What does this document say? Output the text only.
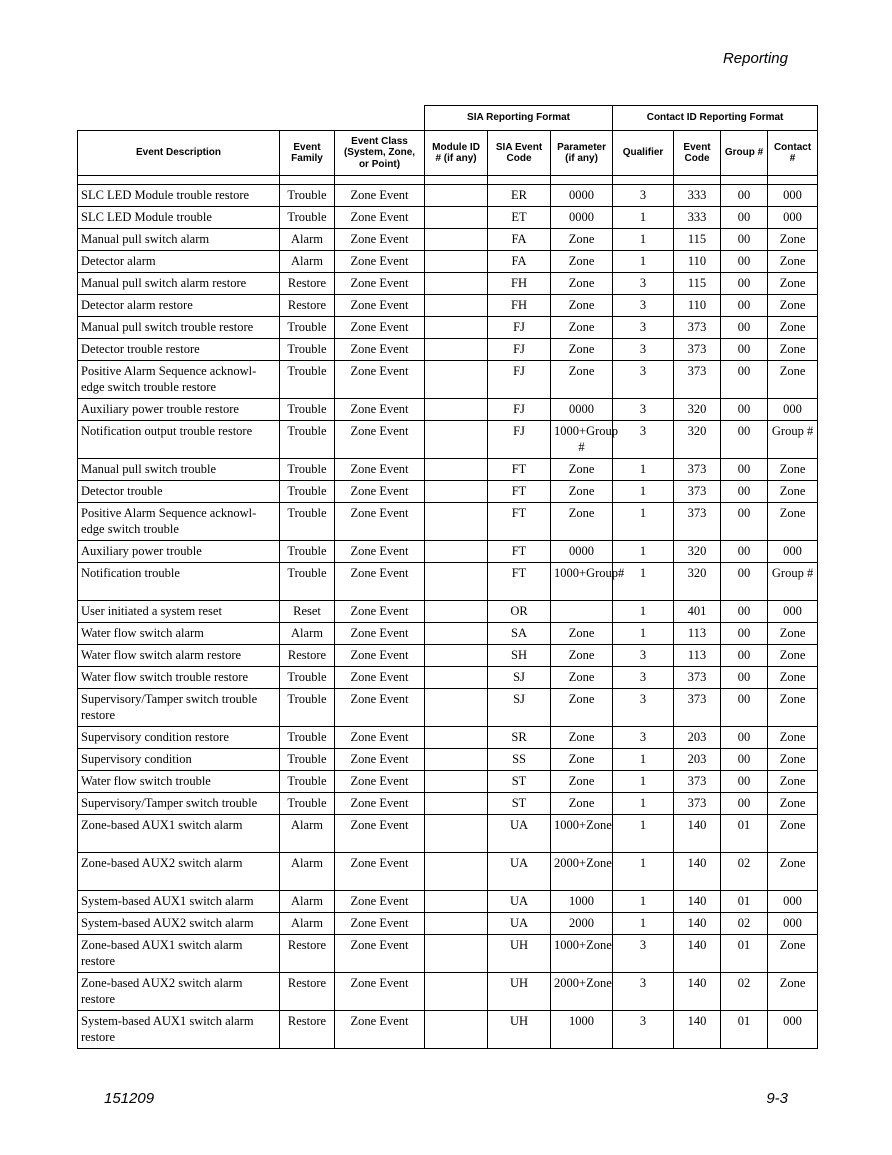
Reporting
			SIA Reporting Format			Contact ID Reporting Format			
Event Description	Event Family	Event Class (System, Zone, or Point)	Module ID # (if any)	SIA Event Code	Parameter (if any)	Qualifier	Event Code	Group #	Contact #

SLC LED Module trouble restore	Trouble	Zone Event		ER	0000	3	333	00	000
SLC LED Module trouble	Trouble	Zone Event		ET	0000	1	333	00	000
Manual pull switch alarm	Alarm	Zone Event		FA	Zone	1	115	00	Zone
Detector alarm	Alarm	Zone Event		FA	Zone	1	110	00	Zone
Manual pull switch alarm restore	Restore	Zone Event		FH	Zone	3	115	00	Zone
Detector alarm restore	Restore	Zone Event		FH	Zone	3	110	00	Zone
Manual pull switch trouble restore	Trouble	Zone Event		FJ	Zone	3	373	00	Zone
Detector trouble restore	Trouble	Zone Event		FJ	Zone	3	373	00	Zone
Positive Alarm Sequence acknowl-edge switch trouble restore	Trouble	Zone Event		FJ	Zone	3	373	00	Zone
Auxiliary power trouble restore	Trouble	Zone Event		FJ	0000	3	320	00	000
Notification output trouble restore	Trouble	Zone Event		FJ	1000+Group #	3	320	00	Group #
Manual pull switch trouble	Trouble	Zone Event		FT	Zone	1	373	00	Zone
Detector trouble	Trouble	Zone Event		FT	Zone	1	373	00	Zone
Positive Alarm Sequence acknowl-edge switch trouble	Trouble	Zone Event		FT	Zone	1	373	00	Zone
Auxiliary power trouble	Trouble	Zone Event		FT	0000	1	320	00	000
Notification trouble	Trouble	Zone Event		FT	1000+Group#	1	320	00	Group #
User initiated a system reset	Reset	Zone Event		OR		1	401	00	000
Water flow switch alarm	Alarm	Zone Event		SA	Zone	1	113	00	Zone
Water flow switch alarm restore	Restore	Zone Event		SH	Zone	3	113	00	Zone
Water flow switch trouble restore	Trouble	Zone Event		SJ	Zone	3	373	00	Zone
Supervisory/Tamper switch trouble restore	Trouble	Zone Event		SJ	Zone	3	373	00	Zone
Supervisory condition restore	Trouble	Zone Event		SR	Zone	3	203	00	Zone
Supervisory condition	Trouble	Zone Event		SS	Zone	1	203	00	Zone
Water flow switch trouble	Trouble	Zone Event		ST	Zone	1	373	00	Zone
Supervisory/Tamper switch trouble	Trouble	Zone Event		ST	Zone	1	373	00	Zone
Zone-based AUX1 switch alarm	Alarm	Zone Event		UA	1000+Zone	1	140	01	Zone
Zone-based AUX2 switch alarm	Alarm	Zone Event		UA	2000+Zone	1	140	02	Zone
System-based AUX1 switch alarm	Alarm	Zone Event		UA	1000	1	140	01	000
System-based AUX2 switch alarm	Alarm	Zone Event		UA	2000	1	140	02	000
Zone-based AUX1 switch alarm restore	Restore	Zone Event		UH	1000+Zone	3	140	01	Zone
Zone-based AUX2 switch alarm restore	Restore	Zone Event		UH	2000+Zone	3	140	02	Zone
System-based AUX1 switch alarm restore	Restore	Zone Event		UH	1000	3	140	01	000
151209	9-3
